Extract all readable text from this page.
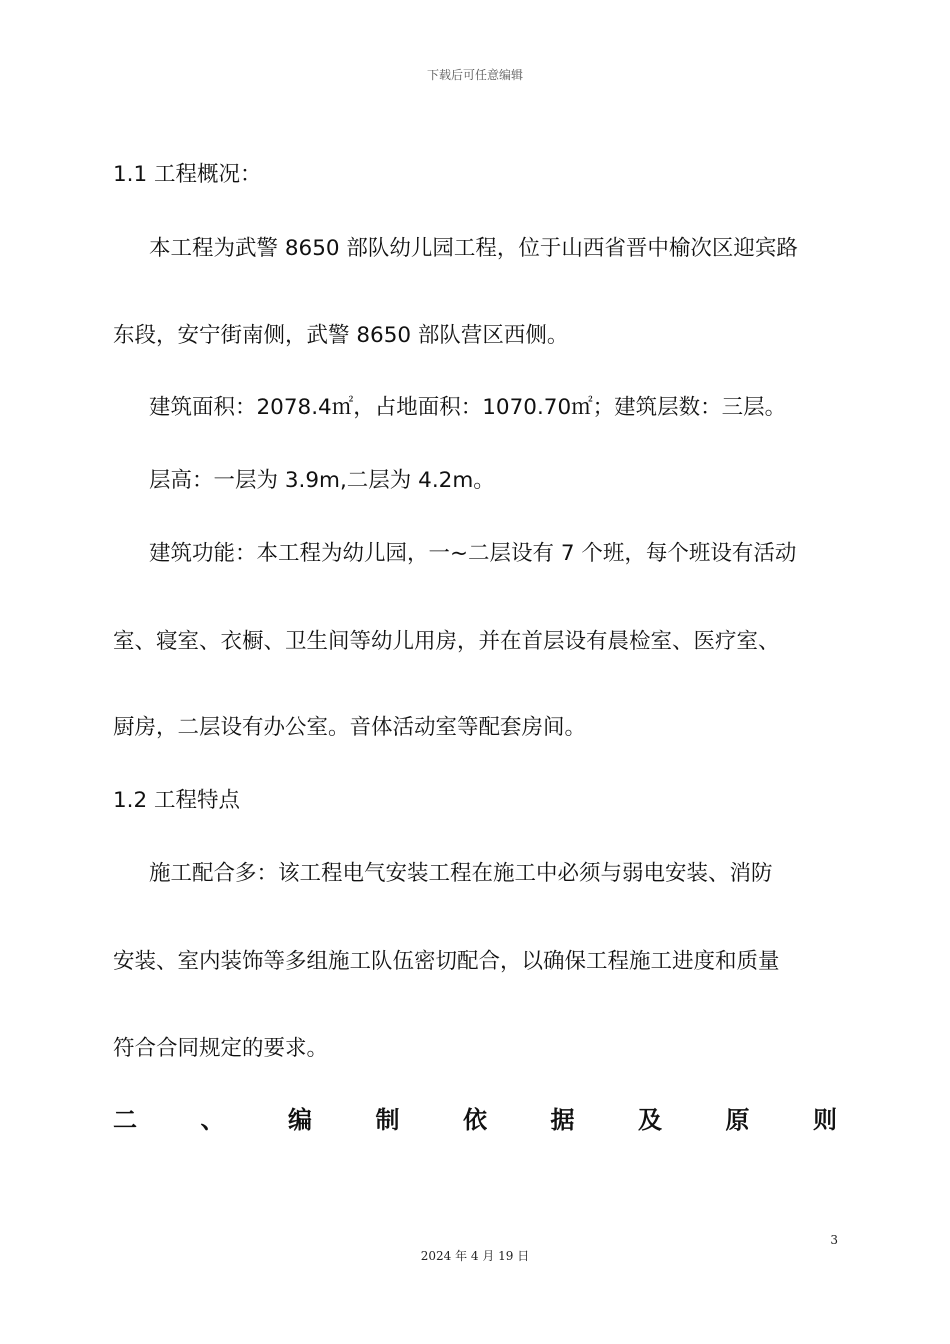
下载后可任意编辑
1.1 工程概况：
本工程为武警 8650 部队幼儿园工程，位于山西省晋中榆次区迎宾路
东段，安宁街南侧，武警 8650 部队营区西侧。
建筑面积：2078.4㎡，占地面积：1070.70㎡；建筑层数：三层。
层高：一层为 3.9m,二层为 4.2m。
建筑功能：本工程为幼儿园，一~二层设有 7 个班，每个班设有活动
室、寝室、衣橱、卫生间等幼儿用房，并在首层设有晨检室、医疗室、
厨房，二层设有办公室。音体活动室等配套房间。
1.2 工程特点
施工配合多：该工程电气安装工程在施工中必须与弱电安装、消防
安装、室内装饰等多组施工队伍密切配合，以确保工程施工进度和质量
符合合同规定的要求。
二	、	编	制	依	据	及	原	则
3
2024 年 4 月 19 日
